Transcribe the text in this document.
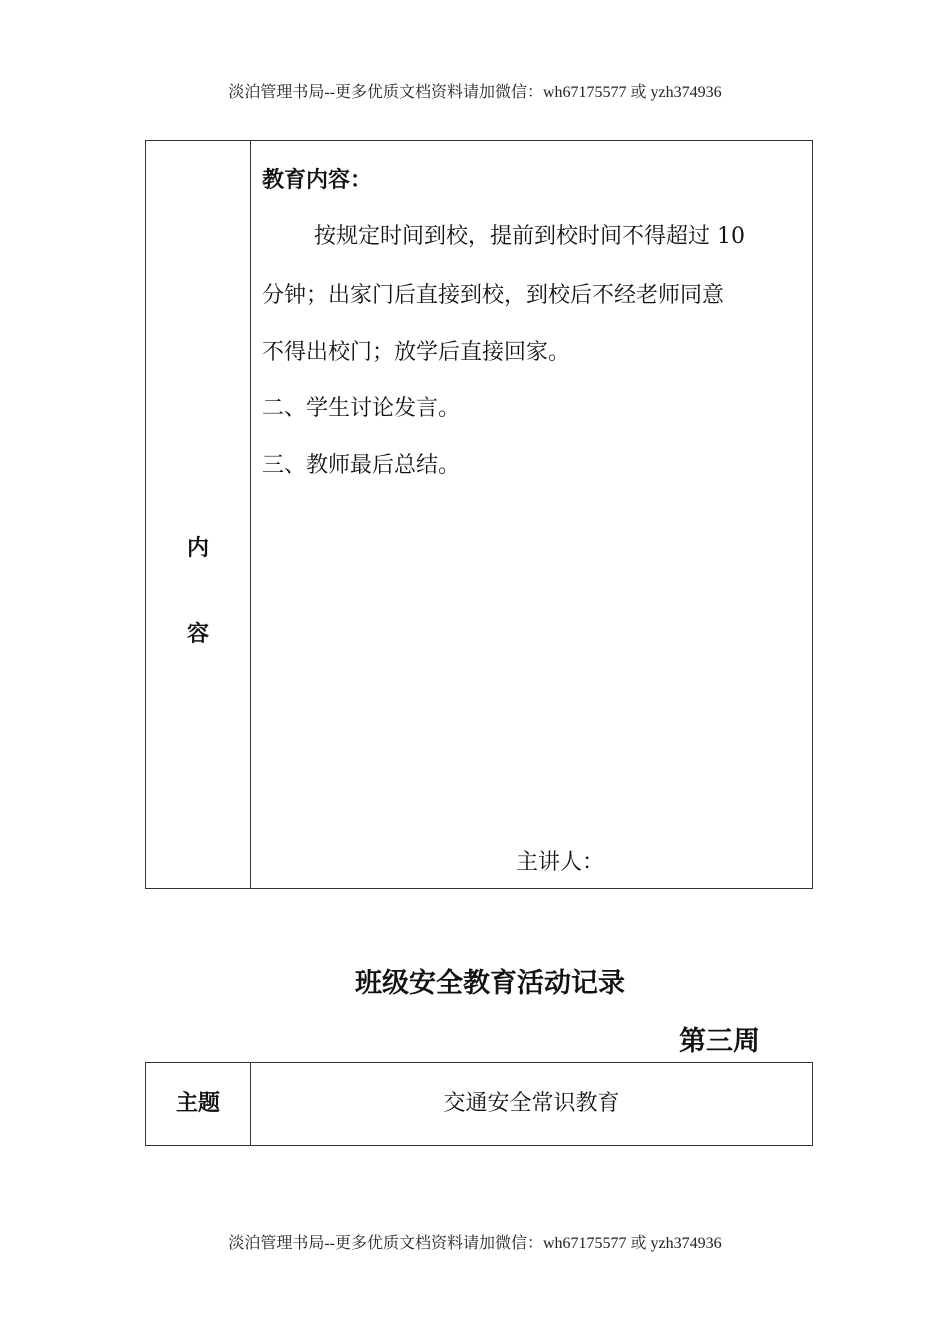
淡泊管理书局--更多优质文档资料请加微信：wh67175577 或 yzh374936
内
容
教育内容：
按规定时间到校，提前到校时间不得超过 10
分钟；出家门后直接到校，到校后不经老师同意
不得出校门；放学后直接回家。
二、学生讨论发言。
三、教师最后总结。
主讲人：
班级安全教育活动记录
第三周
主题	交通安全常识教育
淡泊管理书局--更多优质文档资料请加微信：wh67175577 或 yzh374936
